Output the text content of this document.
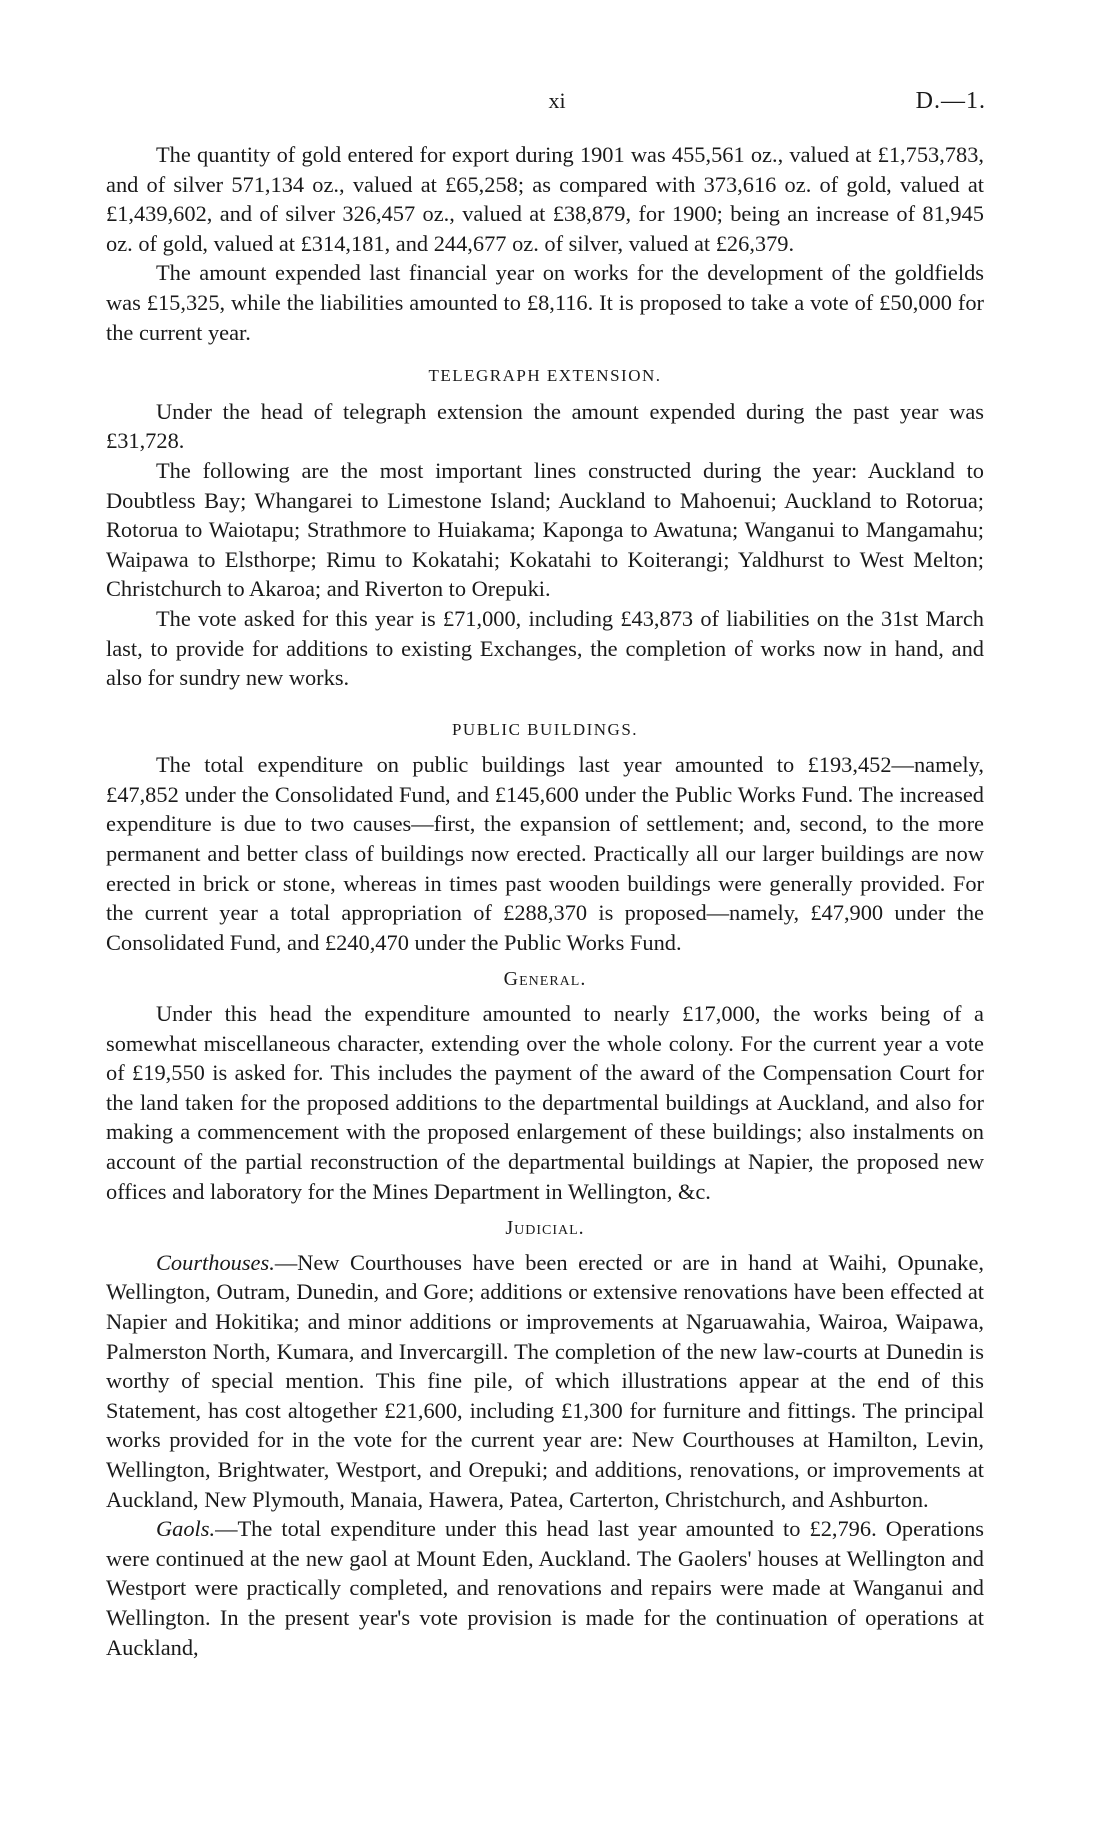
xi	D.—1.

The quantity of gold entered for export during 1901 was 455,561 oz., valued at £1,753,783, and of silver 571,134 oz., valued at £65,258; as compared with 373,616 oz. of gold, valued at £1,439,602, and of silver 326,457 oz., valued at £38,879, for 1900; being an increase of 81,945 oz. of gold, valued at £314,181, and 244,677 oz. of silver, valued at £26,379.

The amount expended last financial year on works for the development of the goldfields was £15,325, while the liabilities amounted to £8,116. It is proposed to take a vote of £50,000 for the current year.

TELEGRAPH EXTENSION.

Under the head of telegraph extension the amount expended during the past year was £31,728.

The following are the most important lines constructed during the year: Auckland to Doubtless Bay; Whangarei to Limestone Island; Auckland to Mahoenui; Auckland to Rotorua; Rotorua to Waiotapu; Strathmore to Huiakama; Kaponga to Awatuna; Wanganui to Mangamahu; Waipawa to Elsthorpe; Rimu to Kokatahi; Kokatahi to Koiterangi; Yaldhurst to West Melton; Christchurch to Akaroa; and Riverton to Orepuki.

The vote asked for this year is £71,000, including £43,873 of liabilities on the 31st March last, to provide for additions to existing Exchanges, the completion of works now in hand, and also for sundry new works.

PUBLIC BUILDINGS.

The total expenditure on public buildings last year amounted to £193,452—namely, £47,852 under the Consolidated Fund, and £145,600 under the Public Works Fund. The increased expenditure is due to two causes—first, the expansion of settlement; and, second, to the more permanent and better class of buildings now erected. Practically all our larger buildings are now erected in brick or stone, whereas in times past wooden buildings were generally provided. For the current year a total appropriation of £288,370 is proposed—namely, £47,900 under the Consolidated Fund, and £240,470 under the Public Works Fund.

General.

Under this head the expenditure amounted to nearly £17,000, the works being of a somewhat miscellaneous character, extending over the whole colony. For the current year a vote of £19,550 is asked for. This includes the payment of the award of the Compensation Court for the land taken for the proposed additions to the departmental buildings at Auckland, and also for making a commencement with the proposed enlargement of these buildings; also instalments on account of the partial reconstruction of the departmental buildings at Napier, the proposed new offices and laboratory for the Mines Department in Wellington, &c.

Judicial.

Courthouses.—New Courthouses have been erected or are in hand at Waihi, Opunake, Wellington, Outram, Dunedin, and Gore; additions or extensive renovations have been effected at Napier and Hokitika; and minor additions or improvements at Ngaruawahia, Wairoa, Waipawa, Palmerston North, Kumara, and Invercargill. The completion of the new law-courts at Dunedin is worthy of special mention. This fine pile, of which illustrations appear at the end of this Statement, has cost altogether £21,600, including £1,300 for furniture and fittings. The principal works provided for in the vote for the current year are: New Courthouses at Hamilton, Levin, Wellington, Brightwater, Westport, and Orepuki; and additions, renovations, or improvements at Auckland, New Plymouth, Manaia, Hawera, Patea, Carterton, Christchurch, and Ashburton.

Gaols.—The total expenditure under this head last year amounted to £2,796. Operations were continued at the new gaol at Mount Eden, Auckland. The Gaolers' houses at Wellington and Westport were practically completed, and renovations and repairs were made at Wanganui and Wellington. In the present year's vote provision is made for the continuation of operations at Auckland,
